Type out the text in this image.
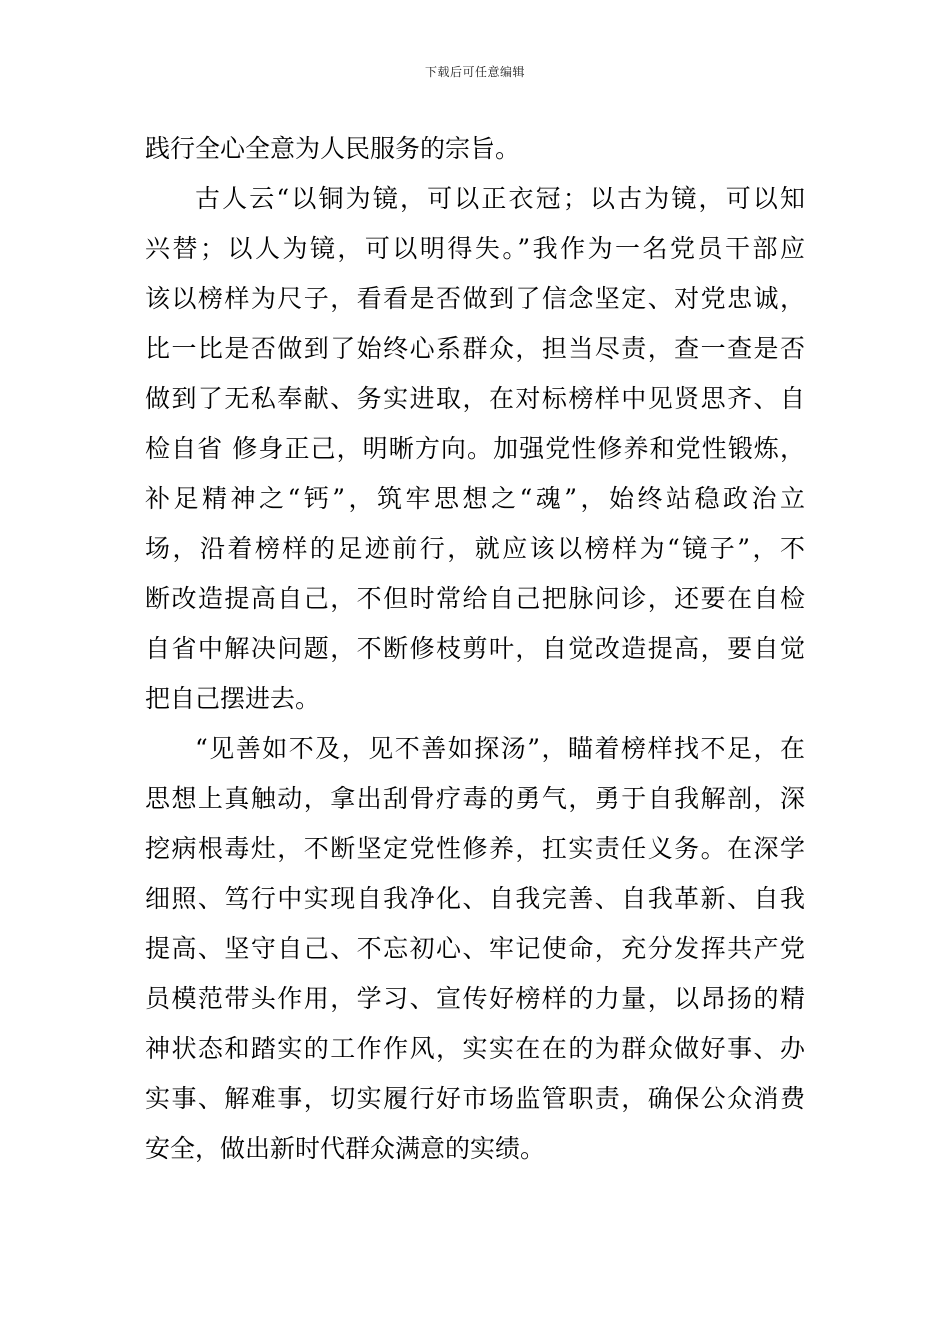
下载后可任意编辑
践行全心全意为人民服务的宗旨。
古人云“以铜为镜，可以正衣冠；以古为镜，可以知
兴替；以人为镜，可以明得失。”我作为一名党员干部应
该以榜样为尺子，看看是否做到了信念坚定、对党忠诚，
比一比是否做到了始终心系群众，担当尽责，查一查是否
做到了无私奉献、务实进取，在对标榜样中见贤思齐、自
检自省 修身正己，明晰方向。加强党性修养和党性锻炼，
补足精神之“钙”，筑牢思想之“魂”，始终站稳政治立
场，沿着榜样的足迹前行，就应该以榜样为“镜子”，不
断改造提高自己，不但时常给自己把脉问诊，还要在自检
自省中解决问题，不断修枝剪叶，自觉改造提高，要自觉
把自己摆进去。
“见善如不及，见不善如探汤”，瞄着榜样找不足，在
思想上真触动，拿出刮骨疗毒的勇气，勇于自我解剖，深
挖病根毒灶，不断坚定党性修养，扛实责任义务。在深学
细照、笃行中实现自我净化、自我完善、自我革新、自我
提高、坚守自己、不忘初心、牢记使命，充分发挥共产党
员模范带头作用，学习、宣传好榜样的力量，以昂扬的精
神状态和踏实的工作作风，实实在在的为群众做好事、办
实事、解难事，切实履行好市场监管职责，确保公众消费
安全，做出新时代群众满意的实绩。
